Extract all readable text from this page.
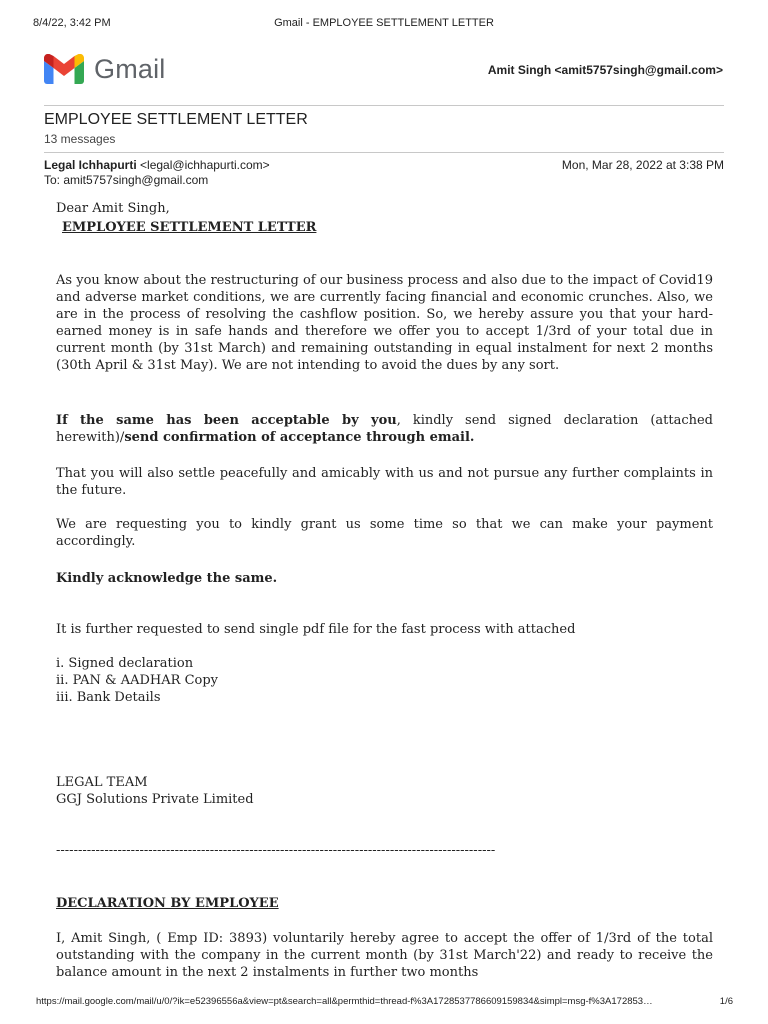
8/4/22, 3:42 PM	Gmail - EMPLOYEE SETTLEMENT LETTER
Gmail	Amit Singh <amit5757singh@gmail.com>
EMPLOYEE SETTLEMENT LETTER
13 messages
Legal Ichhapurti <legal@ichhapurti.com>	Mon, Mar 28, 2022 at 3:38 PM
To: amit5757singh@gmail.com
Dear Amit Singh,
EMPLOYEE SETTLEMENT LETTER
As you know about the restructuring of our business process and also due to the impact of Covid19 and adverse market conditions, we are currently facing financial and economic crunches. Also, we are in the process of resolving the cashflow position. So, we hereby assure you that your hard-earned money is in safe hands and therefore we offer you to accept 1/3rd of your total due in current month (by 31st March) and remaining outstanding in equal instalment for next 2 months (30th April & 31st May). We are not intending to avoid the dues by any sort.
If the same has been acceptable by you, kindly send signed declaration (attached herewith)/send confirmation of acceptance through email.
That you will also settle peacefully and amicably with us and not pursue any further complaints in the future.
We are requesting you to kindly grant us some time so that we can make your payment accordingly.
Kindly acknowledge the same.
It is further requested to send single pdf file for the fast process with attached
i. Signed declaration
ii. PAN & AADHAR Copy
iii. Bank Details
LEGAL TEAM
GGJ Solutions Private Limited
----------------------------------------------------------------------------------------------------
DECLARATION BY EMPLOYEE
I, Amit Singh, ( Emp ID: 3893) voluntarily hereby agree to accept the offer of 1/3rd of the total outstanding with the company in the current month (by 31st March'22) and ready to receive the balance amount in the next 2 instalments in further two months
https://mail.google.com/mail/u/0/?ik=e52396556a&view=pt&search=all&permthid=thread-f%3A1728537786609159834&simpl=msg-f%3A172853…	1/6
